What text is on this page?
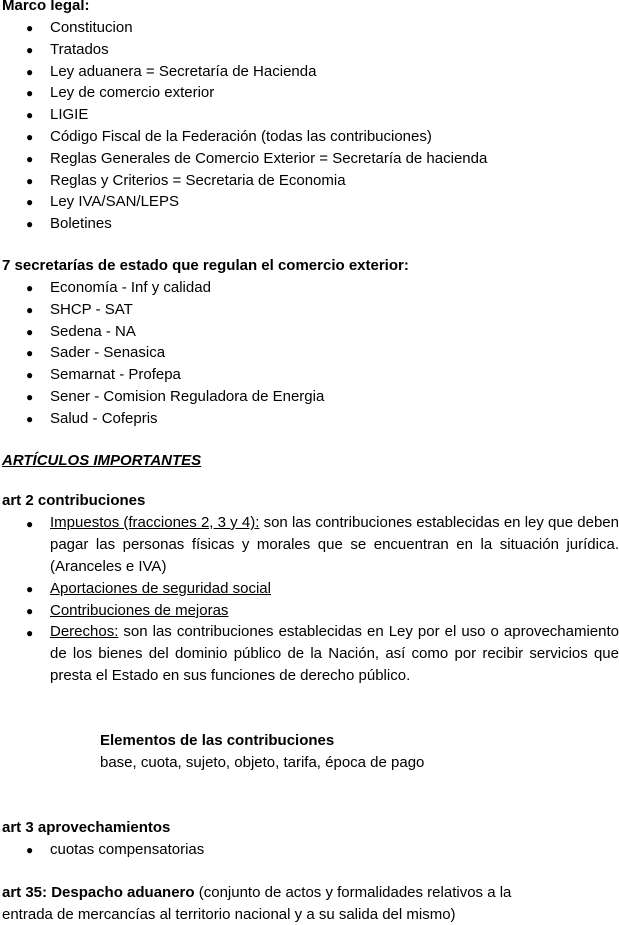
Marco legal:
● Constitucion
● Tratados
● Ley aduanera = Secretaría de Hacienda
● Ley de comercio exterior
● LIGIE
● Código Fiscal de la Federación (todas las contribuciones)
● Reglas Generales de Comercio Exterior = Secretaría de hacienda
● Reglas y Criterios = Secretaria de Economia
● Ley IVA/SAN/LEPS
● Boletines
7 secretarías de estado que regulan el comercio exterior:
● Economía - Inf y calidad
● SHCP - SAT
● Sedena - NA
● Sader - Senasica
● Semarnat - Profepa
● Sener - Comision Reguladora de Energia
● Salud - Cofepris
ARTÍCULOS IMPORTANTES
art 2 contribuciones
● Impuestos (fracciones 2, 3 y 4): son las contribuciones establecidas en ley que deben pagar las personas físicas y morales que se encuentran en la situación jurídica. (Aranceles e IVA)
● Aportaciones de seguridad social
● Contribuciones de mejoras
● Derechos: son las contribuciones establecidas en Ley por el uso o aprovechamiento de los bienes del dominio público de la Nación, así como por recibir servicios que presta el Estado en sus funciones de derecho público.
Elementos de las contribuciones
base, cuota, sujeto, objeto, tarifa, época de pago
art 3 aprovechamientos
● cuotas compensatorias
art 35: Despacho aduanero (conjunto de actos y formalidades relativos a la
entrada de mercancías al territorio nacional y a su salida del mismo)
